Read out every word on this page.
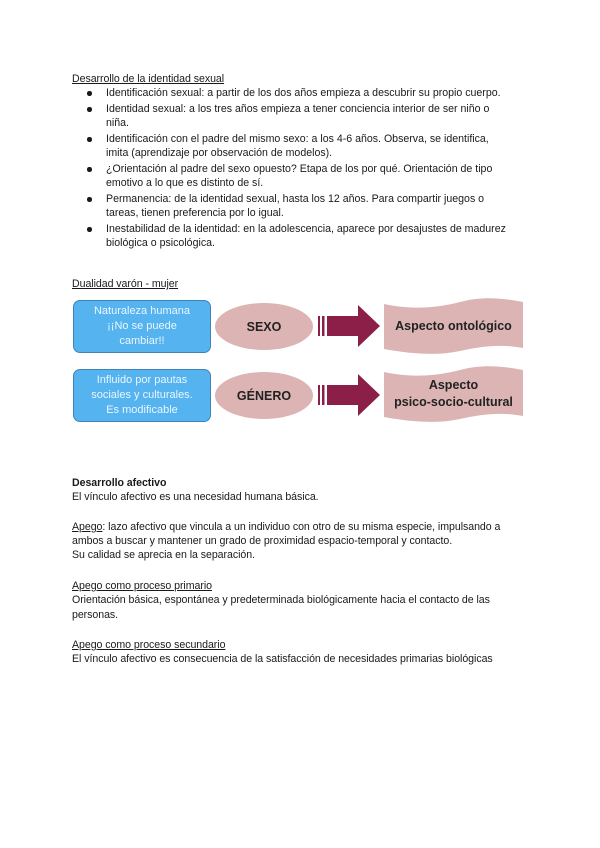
Desarrollo de la identidad sexual
Identificación sexual: a partir de los dos años empieza a descubrir su propio cuerpo.
Identidad sexual: a los tres años empieza a tener conciencia interior de ser niño o
niña.
Identificación con el padre del mismo sexo: a los 4-6 años. Observa, se identifica,
imita (aprendizaje por observación de modelos).
¿Orientación al padre del sexo opuesto? Etapa de los por qué. Orientación de tipo
emotivo a lo que es distinto de sí.
Permanencia: de la identidad sexual, hasta los 12 años. Para compartir juegos o
tareas, tienen preferencia por lo igual.
Inestabilidad de la identidad: en la adolescencia, aparece por desajustes de madurez
biológica o psicológica.
Dualidad varón - mujer
Naturaleza humana
¡¡No se puede
cambiar!!
SEXO	Aspecto ontológico
Influido por pautas
sociales y culturales.
Es modificable
GÉNERO
Aspecto
psico-socio-cultural
Desarrollo afectivo
El vínculo afectivo es una necesidad humana básica.
Apego: lazo afectivo que vincula a un individuo con otro de su misma especie, impulsando a
ambos a buscar y mantener un grado de proximidad espacio-temporal y contacto.
Su calidad se aprecia en la separación.
Apego como proceso primario
Orientación básica, espontánea y predeterminada biológicamente hacia el contacto de las
personas.
Apego como proceso secundario
El vínculo afectivo es consecuencia de la satisfacción de necesidades primarias biológicas
